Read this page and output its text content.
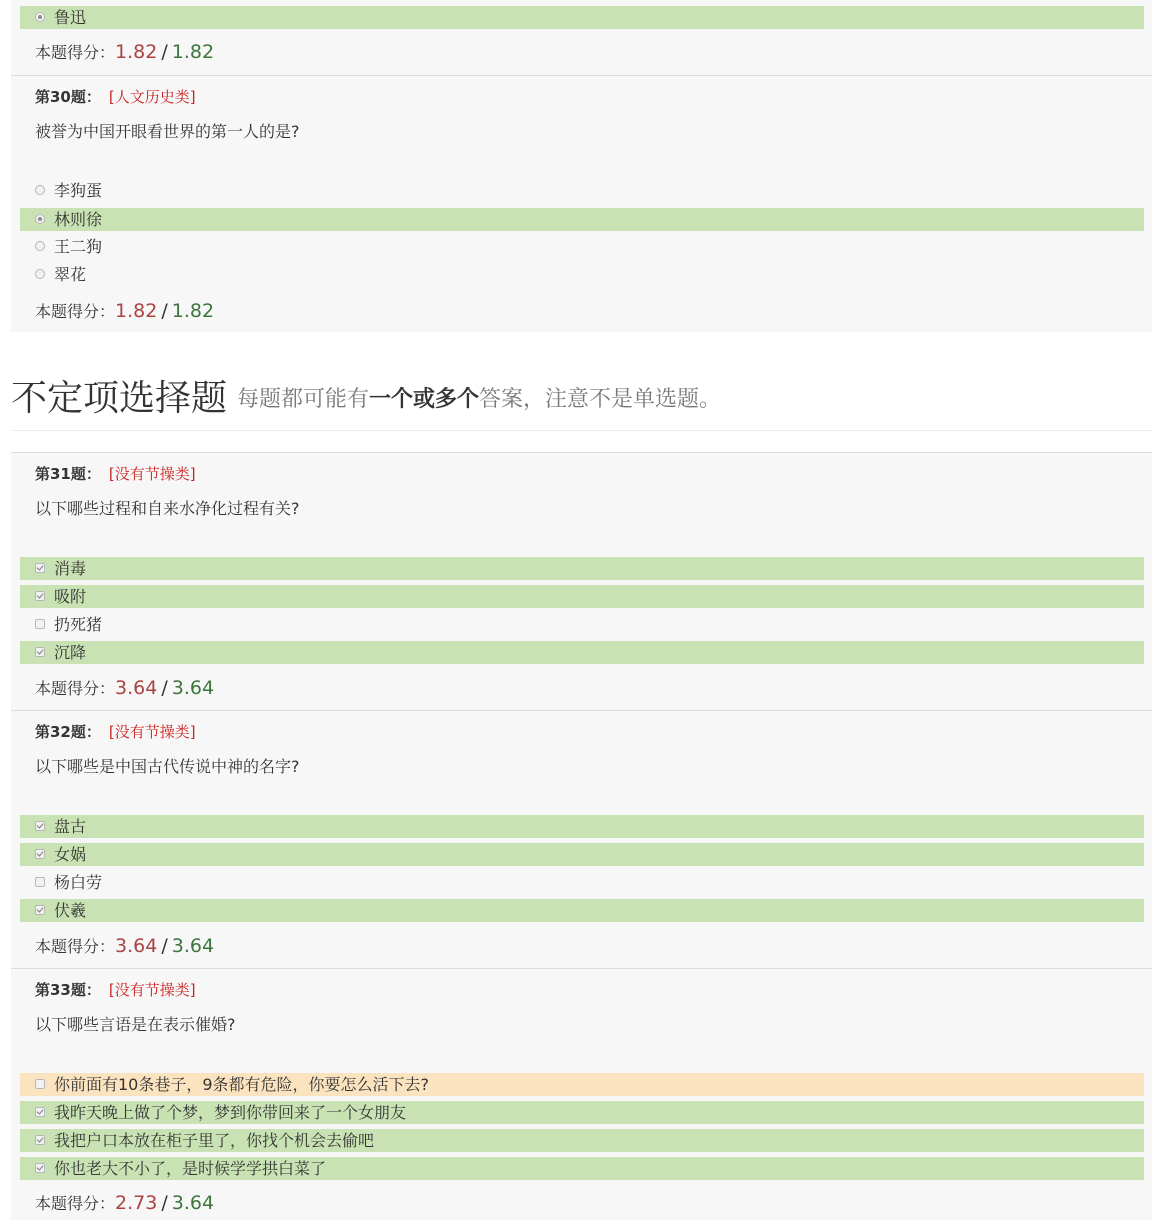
鲁迅
本题得分：1.82 / 1.82
第30题： [人文历史类]
被誉为中国开眼看世界的第一人的是?
李狗蛋
林则徐
王二狗
翠花
本题得分：1.82 / 1.82
不定项选择题 每题都可能有一个或多个答案，注意不是单选题。
第31题： [没有节操类]
以下哪些过程和自来水净化过程有关?
消毒
吸附
扔死猪
沉降
本题得分：3.64 / 3.64
第32题： [没有节操类]
以下哪些是中国古代传说中神的名字?
盘古
女娲
杨白劳
伏羲
本题得分：3.64 / 3.64
第33题： [没有节操类]
以下哪些言语是在表示催婚?
你前面有10条巷子，9条都有危险，你要怎么活下去?
我昨天晚上做了个梦，梦到你带回来了一个女朋友
我把户口本放在柜子里了，你找个机会去偷吧
你也老大不小了，是时候学学拱白菜了
本题得分：2.73 / 3.64
